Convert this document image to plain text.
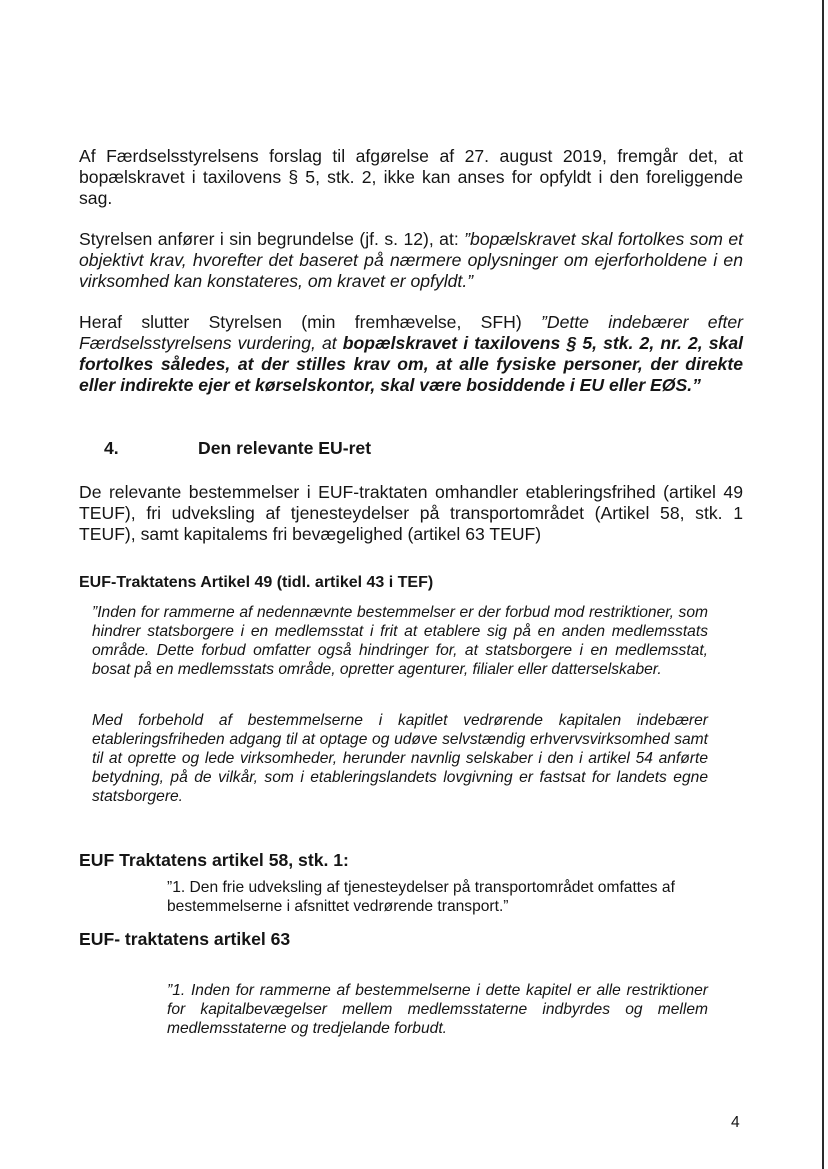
Af Færdselsstyrelsens forslag til afgørelse af 27. august 2019, fremgår det, at bopælskravet i taxilovens § 5, stk. 2, ikke kan anses for opfyldt i den foreliggende sag.

Styrelsen anfører i sin begrundelse (jf. s. 12), at: ”bopælskravet skal fortolkes som et objektivt krav, hvorefter det baseret på nærmere oplysninger om ejerforholdene i en virksomhed kan konstateres, om kravet er opfyldt.”

Heraf slutter Styrelsen (min fremhævelse, SFH) ”Dette indebærer efter Færdselsstyrelsens vurdering, at bopælskravet i taxilovens § 5, stk. 2, nr. 2, skal fortolkes således, at der stilles krav om, at alle fysiske personer, der direkte eller indirekte ejer et kørselskontor, skal være bosiddende i EU eller EØS.”

4.	Den relevante EU-ret

De relevante bestemmelser i EUF-traktaten omhandler etableringsfrihed (artikel 49 TEUF), fri udveksling af tjenesteydelser på transportområdet (Artikel 58, stk. 1 TEUF), samt kapitalems fri bevægelighed (artikel 63 TEUF)

EUF-Traktatens Artikel 49 (tidl. artikel 43 i TEF)

”Inden for rammerne af nedennævnte bestemmelser er der forbud mod restriktioner, som hindrer statsborgere i en medlemsstat i frit at etablere sig på en anden medlemsstats område. Dette forbud omfatter også hindringer for, at statsborgere i en medlemsstat, bosat på en medlemsstats område, opretter agenturer, filialer eller datterselskaber.

Med forbehold af bestemmelserne i kapitlet vedrørende kapitalen indebærer etableringsfriheden adgang til at optage og udøve selvstændig erhvervsvirksomhed samt til at oprette og lede virksomheder, herunder navnlig selskaber i den i artikel 54 anførte betydning, på de vilkår, som i etableringslandets lovgivning er fastsat for landets egne statsborgere.

EUF Traktatens artikel 58, stk. 1:

”1. Den frie udveksling af tjenesteydelser på transportområdet omfattes af bestemmelserne i afsnittet vedrørende transport.”

EUF- traktatens artikel 63

”1. Inden for rammerne af bestemmelserne i dette kapitel er alle restriktioner for kapitalbevægelser mellem medlemsstaterne indbyrdes og mellem medlemsstaterne og tredjelande forbudt.

4
